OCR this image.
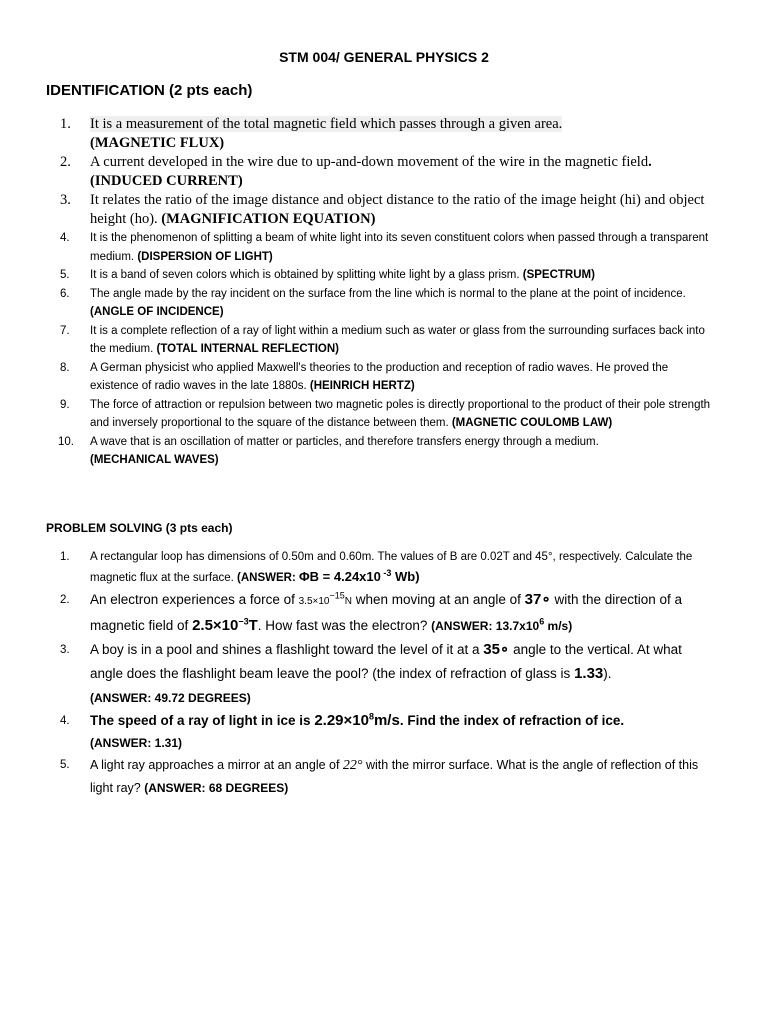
STM 004/ GENERAL PHYSICS 2
IDENTIFICATION (2 pts each)
1. It is a measurement of the total magnetic field which passes through a given area.
(MAGNETIC FLUX)
2. A current developed in the wire due to up-and-down movement of the wire in the magnetic field.  (INDUCED CURRENT)
3. It relates the ratio of the image distance and object distance to the ratio of the image height (hi) and object height (ho). (MAGNIFICATION EQUATION)
4. It is the phenomenon of splitting a beam of white light into its seven constituent colors when passed through a transparent medium. (DISPERSION OF LIGHT)
5. It is a band of seven colors which is obtained by splitting white light by a glass prism. (SPECTRUM)
6. The angle made by the ray incident on the surface from the line which is normal to the plane at the point of incidence. (ANGLE OF INCIDENCE)
7. It is a complete reflection of a ray of light within a medium such as water or glass from the surrounding surfaces back into the medium. (TOTAL INTERNAL REFLECTION)
8. A German physicist who applied Maxwell's theories to the production and reception of radio waves. He proved the existence of radio waves in the late 1880s. (HEINRICH HERTZ)
9. The force of attraction or repulsion between two magnetic poles is directly proportional to the product of their pole strength and inversely proportional to the square of the distance between them. (MAGNETIC COULOMB LAW)
10. A wave that is an oscillation of matter or particles, and therefore transfers energy through a medium.
(MECHANICAL WAVES)
PROBLEM SOLVING (3 pts each)
1. A rectangular loop has dimensions of 0.50m and 0.60m. The values of B are 0.02T and 45°, respectively. Calculate the magnetic flux at the surface. (ANSWER: ΦB = 4.24x10 $^{-3}$ Wb)
2. An electron experiences a force of $3.5\times 10^{-15}N$ when moving at an angle of 37∘ with the direction of a magnetic field of $2.5\times 10^{-3}T$. How fast was the electron? (ANSWER: $13.7x10^6$ m/s)
3. A boy is in a pool and shines a flashlight toward the level of it at a 35∘ angle to the vertical. At what angle does the flashlight beam leave the pool? (the index of refraction of glass is 1.33).
(ANSWER: 49.72 DEGREES)
4. The speed of a ray of light in ice is $2.29\times 10^8m/s$. Find the index of refraction of ice.
(ANSWER: 1.31)
5. A light ray approaches a mirror at an angle of 22° with the mirror surface. What is the angle of reflection of this light ray? (ANSWER: 68 DEGREES)
